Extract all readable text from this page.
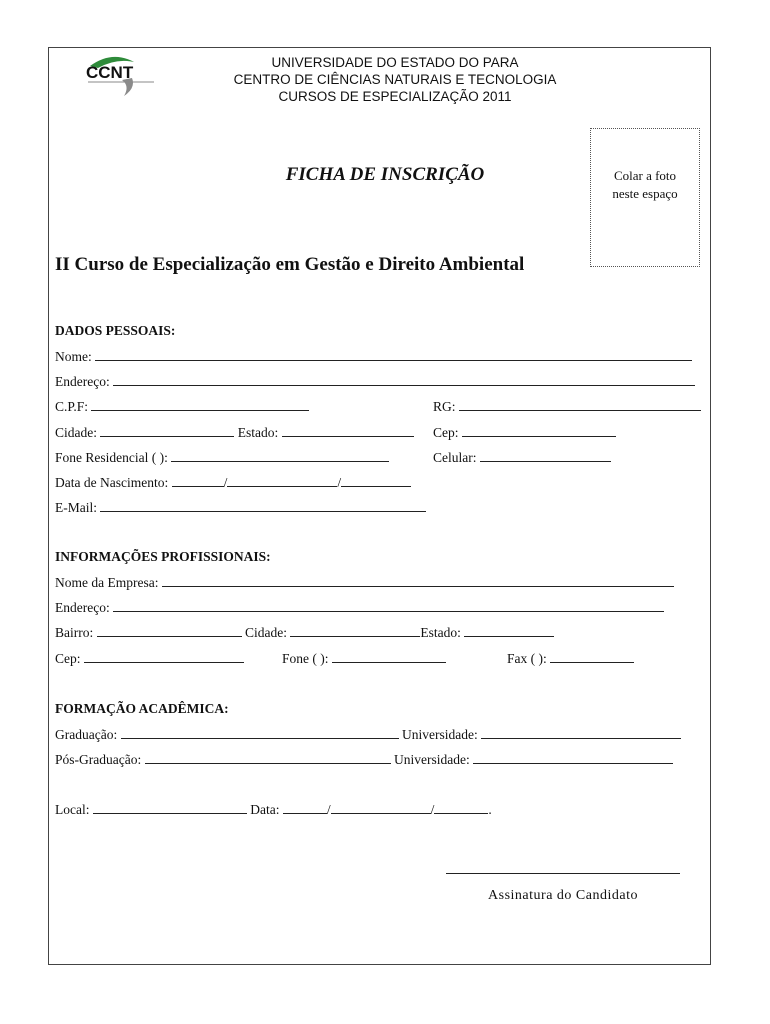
CCNT
UNIVERSIDADE DO ESTADO DO PARA
CENTRO DE CIÊNCIAS NATURAIS E TECNOLOGIA
CURSOS DE ESPECIALIZAÇÃO 2011
FICHA DE INSCRIÇÃO	Colar a foto
neste espaço
II Curso de Especialização em Gestão e Direito Ambiental
DADOS PESSOAIS:
Nome:
Endereço:
C.P.F:	RG:
Cidade:	Estado:	Cep:
Fone Residencial ( ):	Celular:
Data de Nascimento:	/	/
E-Mail:
INFORMAÇÕES PROFISSIONAIS:
Nome da Empresa:
Endereço:
Bairro:	Cidade:	Estado:
Cep:	Fone ( ):	Fax ( ):
FORMAÇÃO ACADÊMICA:
Graduação:	Universidade:
Pós-Graduação:	Universidade:
Local:	Data:	/	/	.
Assinatura do Candidato
